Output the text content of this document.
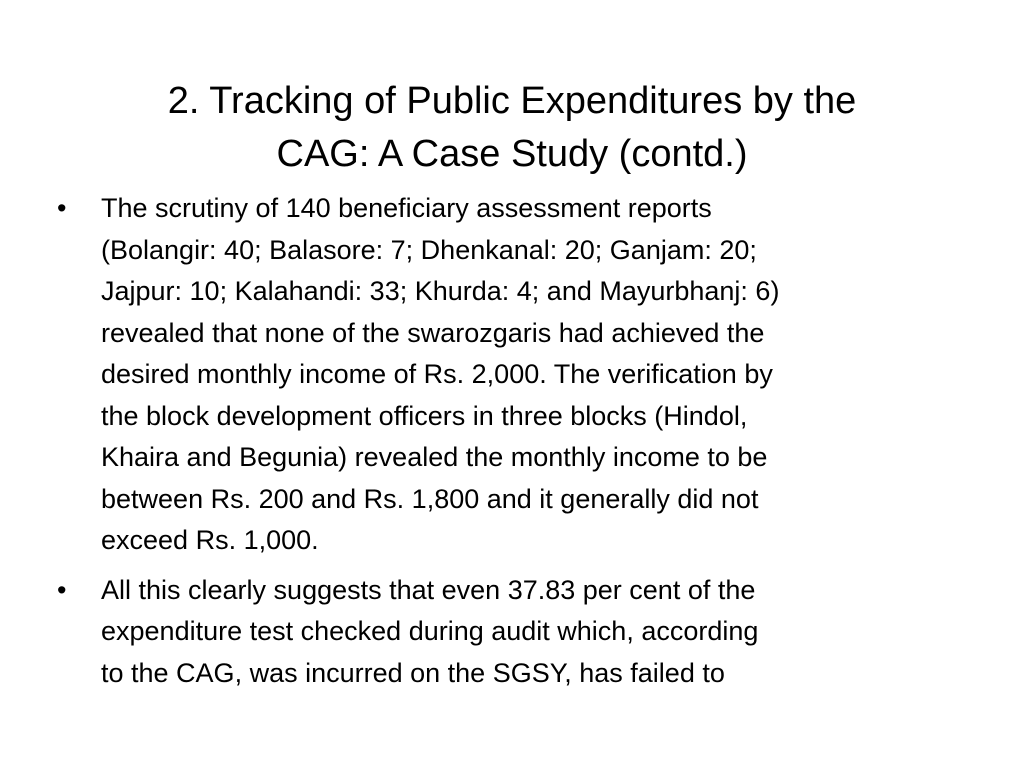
2. Tracking of Public Expenditures by the
CAG: A Case Study (contd.)
•	The scrutiny of 140 beneficiary assessment reports
(Bolangir: 40; Balasore: 7; Dhenkanal: 20; Ganjam: 20;
Jajpur: 10; Kalahandi: 33; Khurda: 4; and Mayurbhanj: 6)
revealed that none of the swarozgaris had achieved the
desired monthly income of Rs. 2,000. The verification by
the block development officers in three blocks (Hindol,
Khaira and Begunia) revealed the monthly income to be
between Rs. 200 and Rs. 1,800 and it generally did not
exceed Rs. 1,000.
•	All this clearly suggests that even 37.83 per cent of the
expenditure test checked during audit which, according
to the CAG, was incurred on the SGSY, has failed to
